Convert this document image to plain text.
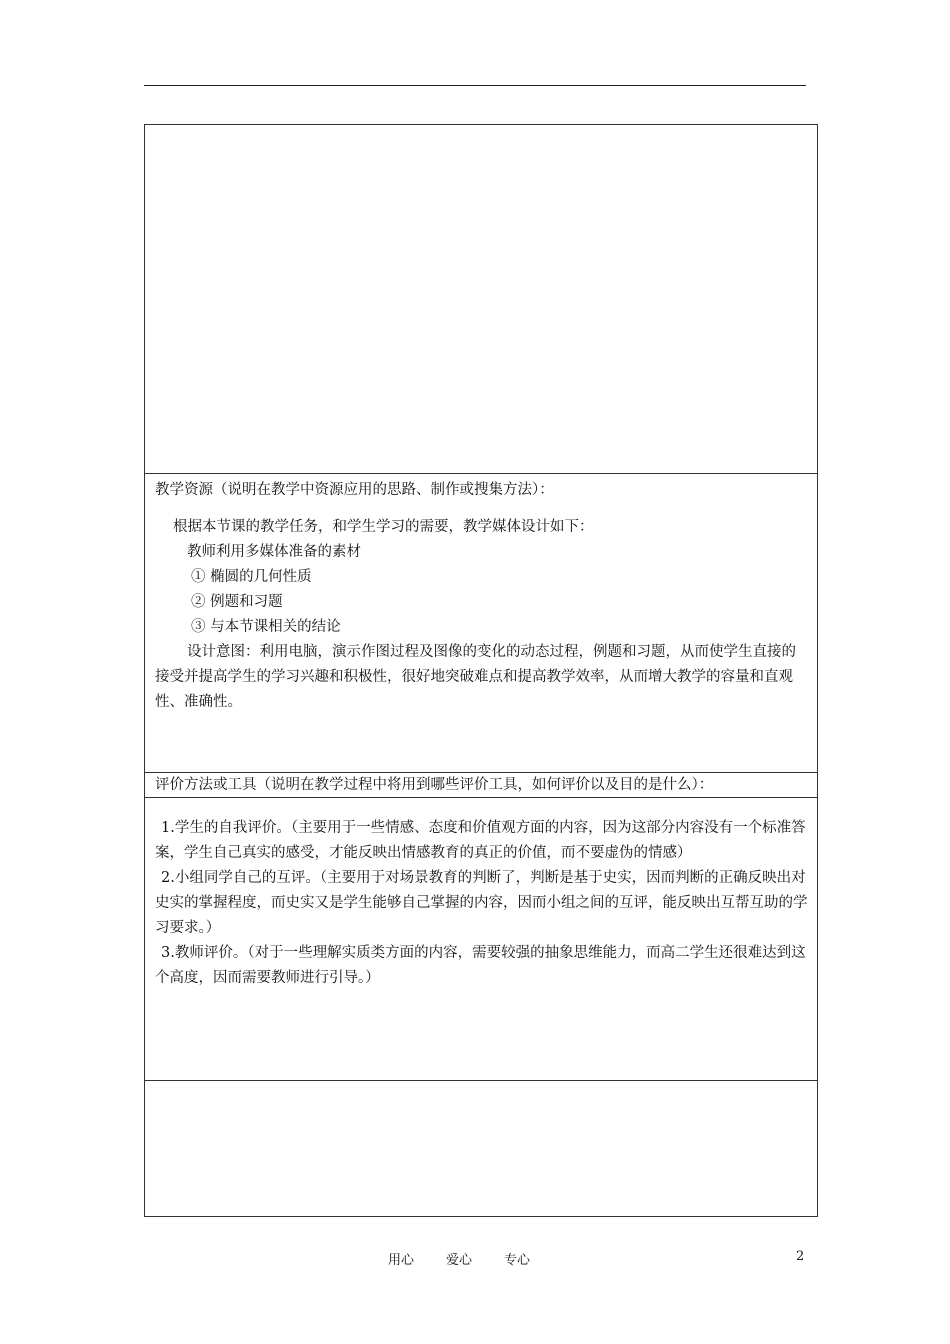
教学资源（说明在教学中资源应用的思路、制作或搜集方法）：

根据本节课的教学任务，和学生学习的需要，教学媒体设计如下：

教师利用多媒体准备的素材

① 椭圆的几何性质

② 例题和习题

③ 与本节课相关的结论

设计意图：利用电脑，演示作图过程及图像的变化的动态过程，例题和习题，从而使学生直接的接受并提高学生的学习兴趣和积极性，很好地突破难点和提高教学效率，从而增大教学的容量和直观性、准确性。

评价方法或工具（说明在教学过程中将用到哪些评价工具，如何评价以及目的是什么）：

1.学生的自我评价。（主要用于一些情感、态度和价值观方面的内容，因为这部分内容没有一个标准答案，学生自己真实的感受，才能反映出情感教育的真正的价值，而不要虚伪的情感）

2.小组同学自己的互评。（主要用于对场景教育的判断了，判断是基于史实，因而判断的正确反映出对史实的掌握程度，而史实又是学生能够自己掌握的内容，因而小组之间的互评，能反映出互帮互助的学习要求。）

3.教师评价。（对于一些理解实质类方面的内容，需要较强的抽象思维能力，而高二学生还很难达到这个高度，因而需要教师进行引导。）

用心 爱心 专心	2
